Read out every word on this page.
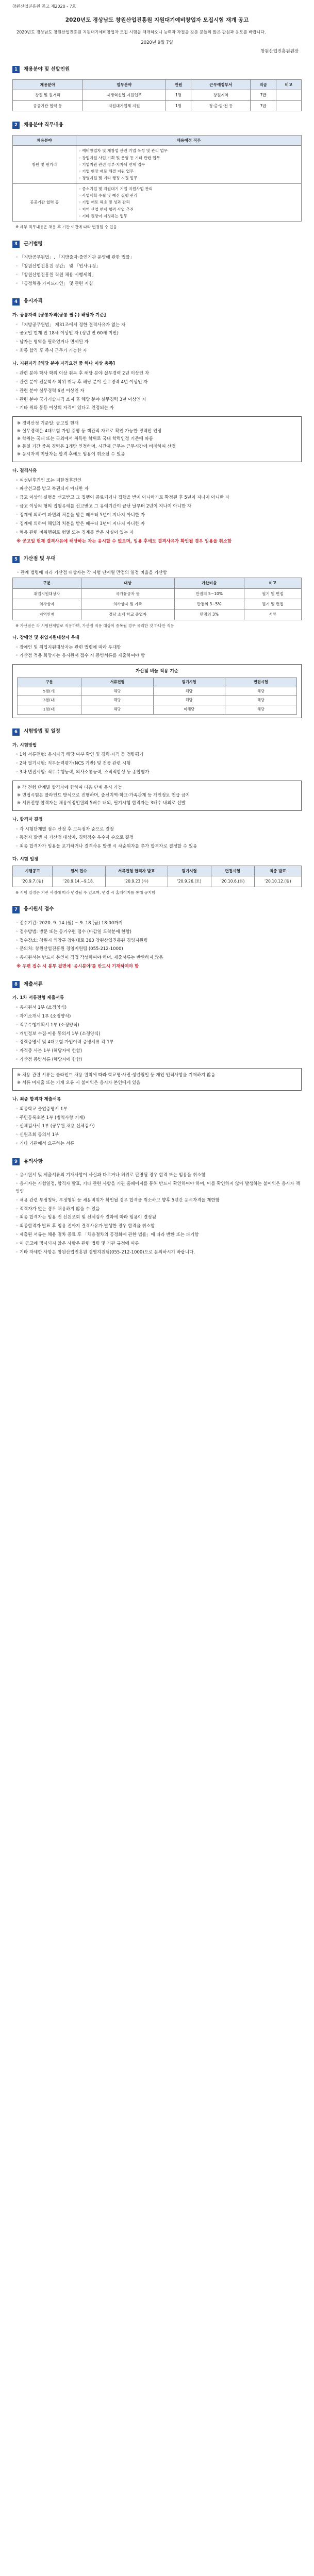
창원산업진흥원 공고 제2020 - 7호
2020년도 경상남도 창원산업진흥원 지원대기예비창업자 모집시험 재개 공고

2020년도 경상남도 창원산업진흥원 지원대기예비창업자 모집 시험을 재개하오니 능력과 자질을 갖춘 분들의 많은 관심과 응모를 바랍니다.

2020년 9월 7일

창원산업진흥원원장

1	채용분야 및 선발인원
채용분야	업무분야	인원	근무예정부서	직급	비고
창원 및 원거리	자생혁신업 지원업무	1명	창원지역	7급	
공공기관 협력 등	지원대기업체 지원	1명	청·출·엄·천 등	7급	
2	채용분야 직무내용
채용분야	채용예정 직무
창원 및 원거리	◦ 예비창업자 및 재창업 관련 기업 육성 및 관리 업무
◦ 창업지원 사업 기획 및 운영 등 기타 관련 업무
◦ 기업지원 관련 정부·지자체 연계 업무
◦ 기업 현장 애로 해결 지원 업무
◦ 경영지원 및 기타 행정 지원 업무
공공기관 협력 등	◦ 중소기업 및 지원대기 기업 지원사업 관리
◦ 사업계획 수립 및 예산 집행 관리
◦ 기업 애로 해소 및 성과 관리
◦ 지역 산업 연계 협력 사업 추진
◦ 기타 원장이 지정하는 업무
※ 세부 직무내용은 채용 후 기관 여건에 따라 변경될 수 있음
3	근거법령
◦ 「지방공무원법」, 「지방출자·출연기관 운영에 관한 법률」
◦ 「창원산업진흥원 정관」 및 「인사규정」
◦ 「창원산업진흥원 직원 채용 시행세칙」
◦ 「공정채용 가이드라인」 및 관련 지침
4	응시자격
가. 공통자격 [공통자격(공통 필수) 해당자 기준]
◦ 「지방공무원법」 제31조에서 정한 결격사유가 없는 자
◦ 공고일 현재 만 18세 이상인 자 (정년 만 60세 미만)
◦ 남자는 병역을 필하였거나 면제된 자
◦ 최종 합격 후 즉시 근무가 가능한 자
나. 지원자격 [해당 분야 자격요건 중 하나 이상 충족]
◦ 관련 분야 학사 학위 이상 취득 후 해당 분야 실무경력 2년 이상인 자
◦ 관련 분야 전문학사 학위 취득 후 해당 분야 실무경력 4년 이상인 자
◦ 관련 분야 실무경력 6년 이상인 자
◦ 관련 분야 국가기술자격 소지 후 해당 분야 실무경력 3년 이상인 자
◦ 기타 위와 동등 이상의 자격이 있다고 인정되는 자
※ 경력산정 기준일: 공고일 현재
※ 실무경력은 4대보험 가입 증명 등 객관적 자료로 확인 가능한 경력만 인정
※ 학위는 국내 또는 국외에서 취득한 학위로 국내 학력인정 기준에 따름
※ 동일 기간 중복 경력은 1개만 인정하며, 시간제 근무는 근무시간에 비례하여 산정
※ 응시자격 미달자는 합격 후에도 임용이 취소될 수 있음
다. 결격사유
◦ 피성년후견인 또는 피한정후견인
◦ 파산선고를 받고 복권되지 아니한 자
◦ 금고 이상의 실형을 선고받고 그 집행이 종료되거나 집행을 받지 아니하기로 확정된 후 5년이 지나지 아니한 자
◦ 금고 이상의 형의 집행유예를 선고받고 그 유예기간이 끝난 날부터 2년이 지나지 아니한 자
◦ 징계에 의하여 파면의 처분을 받은 때부터 5년이 지나지 아니한 자
◦ 징계에 의하여 해임의 처분을 받은 때부터 3년이 지나지 아니한 자
◦ 채용 관련 비위행위로 형벌 또는 징계를 받은 사실이 있는 자

※ 공고일 현재 결격사유에 해당하는 자는 응시할 수 없으며, 임용 후에도 결격사유가 확인될 경우 임용을 취소함

5	가산점 및 우대

◦ 관계 법령에 따라 가산점 대상자는 각 시험 단계별 만점의 일정 비율을 가산함

구분	대상	가산비율	비고
취업지원대상자	국가유공자 등	만점의 5~10%	필기 및 면접
의사상자	의사상자 및 가족	만점의 3~5%	필기 및 면접
지역인재	경남 소재 학교 졸업자	만점의 3%	서류
※ 가산점은 각 시험단계별로 적용하며, 가산점 적용 대상이 중복될 경우 유리한 것 하나만 적용
나. 장애인 및 취업지원대상자 우대
◦ 장애인 및 취업지원대상자는 관련 법령에 따라 우대함
◦ 가산점 적용 희망자는 응시원서 접수 시 증빙서류를 제출하여야 함
가산점 비율 적용 기준
구분	서류전형	필기시험	면접시험
5점(가)	해당	해당	해당
3점(나)	해당	해당	해당
1점(다)	해당	미해당	해당
6	시험방법 및 일정
가. 시험방법
◦ 1차 서류전형: 응시자격 해당 여부 확인 및 경력·자격 등 정량평가
◦ 2차 필기시험: 직무능력평가(NCS 기반) 및 전공 관련 시험
◦ 3차 면접시험: 직무수행능력, 의사소통능력, 조직적합성 등 종합평가
※ 각 전형 단계별 합격자에 한하여 다음 단계 응시 가능
※ 면접시험은 블라인드 방식으로 진행하며, 출신지역·학교·가족관계 등 개인정보 언급 금지
※ 서류전형 합격자는 채용예정인원의 5배수 내외, 필기시험 합격자는 3배수 내외로 선발
나. 합격자 결정
◦ 각 시험단계별 점수 산정 후 고득점자 순으로 결정
◦ 동점자 발생 시 가산점 대상자, 경력점수 우수자 순으로 결정
◦ 최종 합격자가 임용을 포기하거나 결격사유 발생 시 차순위자를 추가 합격자로 결정할 수 있음
다. 시험 일정
시행공고	원서 접수	서류전형 합격자 발표	필기시험	면접시험	최종 발표
'20.9.7.(월)	'20.9.14.~9.18.	'20.9.23.(수)	'20.9.26.(토)	'20.10.6.(화)	'20.10.12.(월)
※ 시험 일정은 기관 사정에 따라 변경될 수 있으며, 변경 시 홈페이지를 통해 공지함
7	응시원서 접수
◦ 접수기간: 2020. 9. 14.(월) ~ 9. 18.(금) 18:00까지
◦ 접수방법: 방문 또는 등기우편 접수 (마감일 도착분에 한함)
◦ 접수장소: 창원시 의창구 창원대로 363 창원산업진흥원 경영지원팀
◦ 문의처: 창원산업진흥원 경영지원팀 (055-212-1000)
◦ 응시원서는 반드시 본인이 직접 작성하여야 하며, 제출서류는 반환하지 않음

※ 우편 접수 시 봉투 겉면에 '응시분야'를 반드시 기재하여야 함

8	제출서류
가. 1차 서류전형 제출서류
◦ 응시원서 1부 (소정양식)
◦ 자기소개서 1부 (소정양식)
◦ 직무수행계획서 1부 (소정양식)
◦ 개인정보 수집·이용 동의서 1부 (소정양식)
◦ 경력증명서 및 4대보험 가입이력 증빙서류 각 1부
◦ 자격증 사본 1부 (해당자에 한함)
◦ 가산점 증빙서류 (해당자에 한함)
※ 채용 관련 서류는 블라인드 채용 원칙에 따라 학교명·사진·생년월일 등 개인 인적사항을 기재하지 않음
※ 서류 미제출 또는 기재 오류 시 불이익은 응시자 본인에게 있음
나. 최종 합격자 제출서류
◦ 최종학교 졸업증명서 1부
◦ 주민등록초본 1부 (병역사항 기재)
◦ 신체검사서 1부 (공무원 채용 신체검사)
◦ 신원조회 동의서 1부
◦ 기타 기관에서 요구하는 서류
9	유의사항
◦ 응시원서 및 제출서류의 기재사항이 사실과 다르거나 허위로 판명될 경우 합격 또는 임용을 취소함
◦ 응시자는 시험일정, 합격자 발표, 기타 관련 사항을 기관 홈페이지를 통해 반드시 확인하여야 하며, 이를 확인하지 않아 발생하는 불이익은 응시자 책임임
◦ 채용 관련 부정청탁, 부정행위 등 채용비위가 확인될 경우 합격을 취소하고 향후 5년간 응시자격을 제한함
◦ 적격자가 없는 경우 채용하지 않을 수 있음
◦ 최종 합격자는 임용 전 신원조회 및 신체검사 결과에 따라 임용이 결정됨
◦ 최종합격자 발표 후 임용 전까지 결격사유가 발생한 경우 합격을 취소함
◦ 제출된 서류는 채용 절차 종료 후 「채용절차의 공정화에 관한 법률」에 따라 반환 또는 파기함
◦ 이 공고에 명시되지 않은 사항은 관련 법령 및 기관 규정에 따름
◦ 기타 자세한 사항은 창원산업진흥원 경영지원팀(055-212-1000)으로 문의하시기 바랍니다.
